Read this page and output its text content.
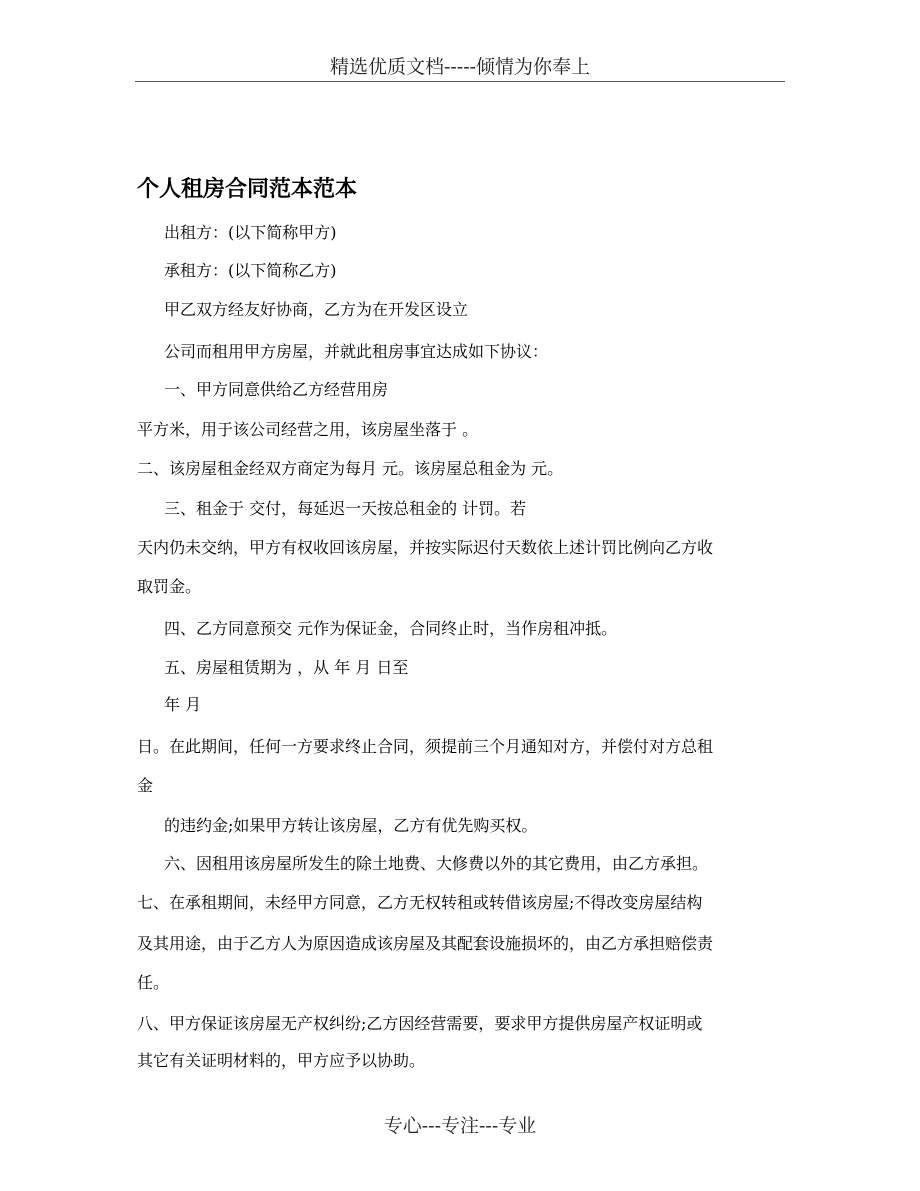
精选优质文档-----倾情为你奉上
个人租房合同范本范本
出租方：(以下简称甲方)
承租方：(以下简称乙方)
甲乙双方经友好协商，乙方为在开发区设立
公司而租用甲方房屋，并就此租房事宜达成如下协议：
一、甲方同意供给乙方经营用房
平方米，用于该公司经营之用，该房屋坐落于 。
二、该房屋租金经双方商定为每月 元。该房屋总租金为 元。
三、租金于 交付，每延迟一天按总租金的 计罚。若
天内仍未交纳，甲方有权收回该房屋，并按实际迟付天数依上述计罚比例向乙方收
取罚金。
四、乙方同意预交 元作为保证金，合同终止时，当作房租冲抵。
五、房屋租赁期为 ，从 年 月 日至
年 月
日。在此期间，任何一方要求终止合同，须提前三个月通知对方，并偿付对方总租
金
的违约金;如果甲方转让该房屋，乙方有优先购买权。
六、因租用该房屋所发生的除土地费、大修费以外的其它费用，由乙方承担。
七、在承租期间，未经甲方同意，乙方无权转租或转借该房屋;不得改变房屋结构
及其用途，由于乙方人为原因造成该房屋及其配套设施损坏的，由乙方承担赔偿责
任。
八、甲方保证该房屋无产权纠纷;乙方因经营需要，要求甲方提供房屋产权证明或
其它有关证明材料的，甲方应予以协助。
专心---专注---专业
